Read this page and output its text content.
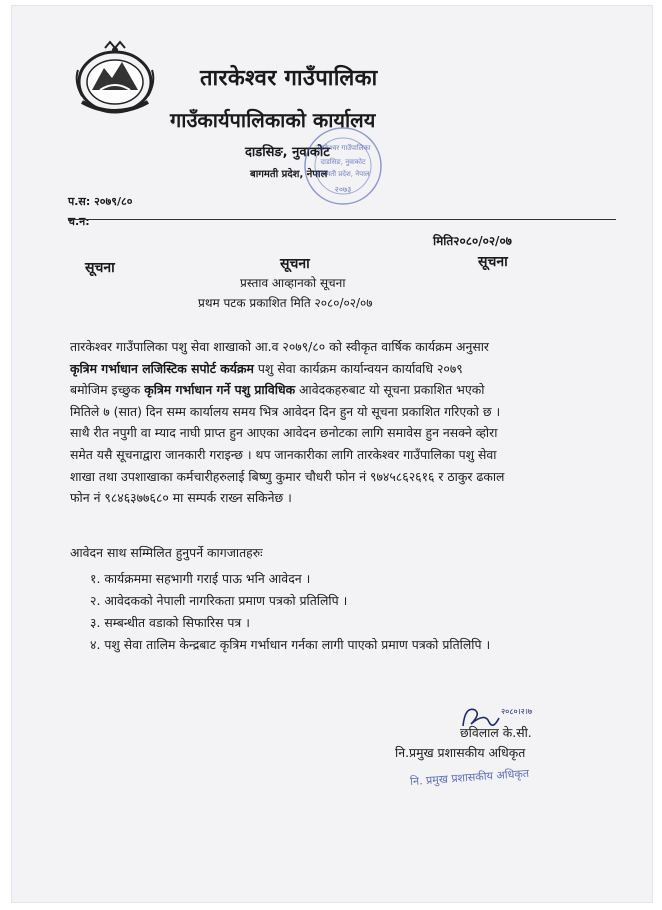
तारकेश्वर गाउँपालिका
गाउँकार्यपालिकाको कार्यालय
दाडसिङ, नुवाकोट
बागमती प्रदेश, नेपाल
तारकेश्वर गाउँपालिका
दाडसिङ, नुवाकोट
बागमती प्रदेश, नेपाल
२०७३
प.स: २०७९/८०
च.न:
मिति२०८०/०२/०७
सूचना	सूचना	सूचना
प्रस्ताव आव्हानको सूचना
प्रथम पटक प्रकाशित मिति २०८०/०२/०७

तारकेश्वर गाउँपालिका पशु सेवा शाखाको आ.व २०७९/८० को स्वीकृत वार्षिक कार्यक्रम अनुसार

कृत्रिम गर्भाधान लजिस्टिक सपोर्ट कर्यक्रम पशु सेवा कार्यक्रम कार्यान्वयन कार्यावधि २०७९

बमोजिम इच्छुक कृत्रिम गर्भाधान गर्ने पशु प्राविधिक आवेदकहरुबाट यो सूचना प्रकाशित भएको

मितिले ७ (सात) दिन सम्म कार्यालय समय भित्र आवेदन दिन हुन यो सूचना प्रकाशित गरिएको छ ।

साथै रीत नपुगी वा म्याद नाघी प्राप्त हुन आएका आवेदन छनोटका लागि समावेस हुन नसक्ने व्होरा

समेत यसै सूचनाद्वारा जानकारी गराइन्छ । थप जानकारीका लागि तारकेश्वर गाउँपालिका पशु सेवा

शाखा तथा उपशाखाका कर्मचारीहरुलाई बिष्णु कुमार चौधरी फोन नं ९७४५८६२६१६ र ठाकुर ढकाल

फोन नं ९८४६३७७६८० मा सम्पर्क राख्न सकिनेछ ।

आवेदन साथ सम्मिलित हुनुपर्ने कागजातहरुः
१. कार्यक्रममा सहभागी गराई पाऊ भनि आवेदन ।
२. आवेदकको नेपाली नागरिकता प्रमाण पत्रको प्रतिलिपि ।
३. सम्बन्धीत वडाको सिफारिस पत्र ।
४. पशु सेवा तालिम केन्द्रबाट कृत्रिम गर्भाधान गर्नका लागी पाएको प्रमाण पत्रको प्रतिलिपि ।
२०८०।२।७
छविलाल के.सी.
नि.प्रमुख प्रशासकीय अधिकृत
नि. प्रमुख प्रशासकीय अधिकृत
